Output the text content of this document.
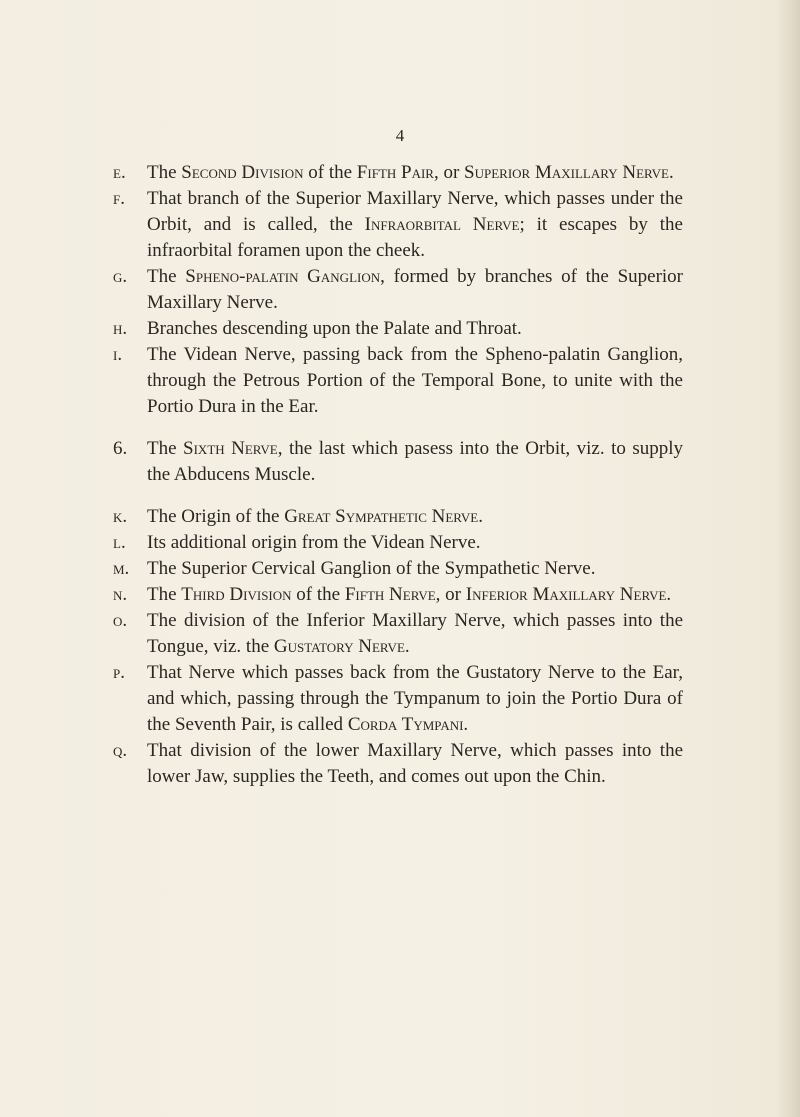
4

e. The Second Division of the Fifth Pair, or Superior Maxillary Nerve.

f. That branch of the Superior Maxillary Nerve, which passes under the Orbit, and is called, the Infraorbital Nerve; it escapes by the infraorbital foramen upon the cheek.

g. The Spheno-palatin Ganglion, formed by branches of the Superior Maxillary Nerve.

h. Branches descending upon the Palate and Throat.

i. The Videan Nerve, passing back from the Spheno-palatin Ganglion, through the Petrous Portion of the Temporal Bone, to unite with the Portio Dura in the Ear.

6. The Sixth Nerve, the last which pasess into the Orbit, viz. to supply the Abducens Muscle.

k. The Origin of the Great Sympathetic Nerve.

l. Its additional origin from the Videan Nerve.

m. The Superior Cervical Ganglion of the Sympathetic Nerve.

n. The Third Division of the Fifth Nerve, or Inferior Maxillary Nerve.

o. The division of the Inferior Maxillary Nerve, which passes into the Tongue, viz. the Gustatory Nerve.

p. That Nerve which passes back from the Gustatory Nerve to the Ear, and which, passing through the Tympanum to join the Portio Dura of the Seventh Pair, is called Corda Tympani.

q. That division of the lower Maxillary Nerve, which passes into the lower Jaw, supplies the Teeth, and comes out upon the Chin.
